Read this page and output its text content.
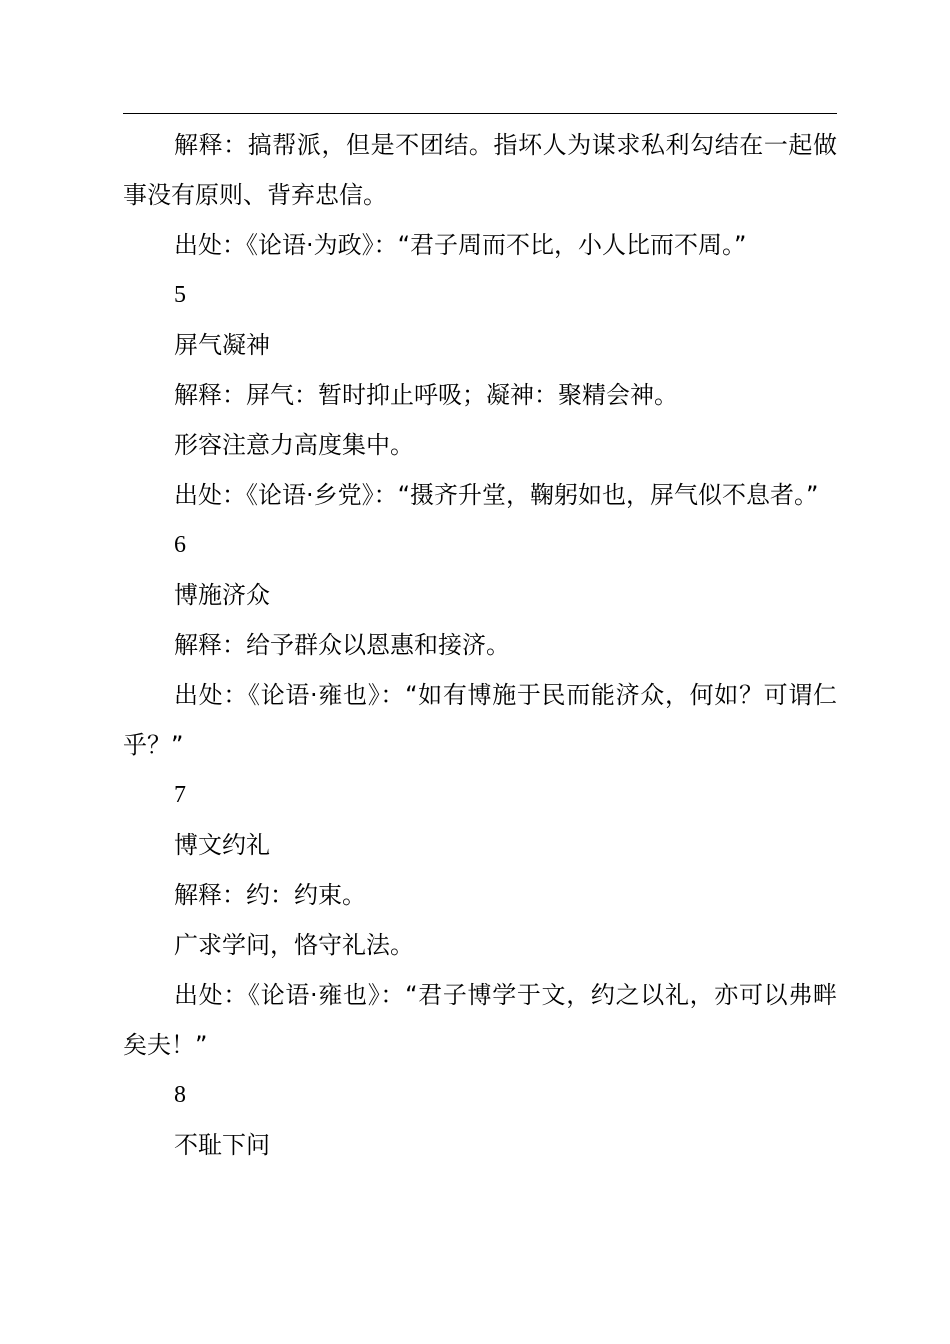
解释：搞帮派，但是不团结。指坏人为谋求私利勾结在一起做事没有原则、背弃忠信。

出处：《论语·为政》：“君子周而不比，小人比而不周。”

5

屏气凝神

解释：屏气：暂时抑止呼吸；凝神：聚精会神。

形容注意力高度集中。

出处：《论语·乡党》：“摄齐升堂，鞠躬如也，屏气似不息者。”

6

博施济众

解释：给予群众以恩惠和接济。

出处：《论语·雍也》：“如有博施于民而能济众，何如？可谓仁乎？”

7

博文约礼

解释：约：约束。

广求学问，恪守礼法。

出处：《论语·雍也》：“君子博学于文，约之以礼，亦可以弗畔矣夫！”

8

不耻下问
